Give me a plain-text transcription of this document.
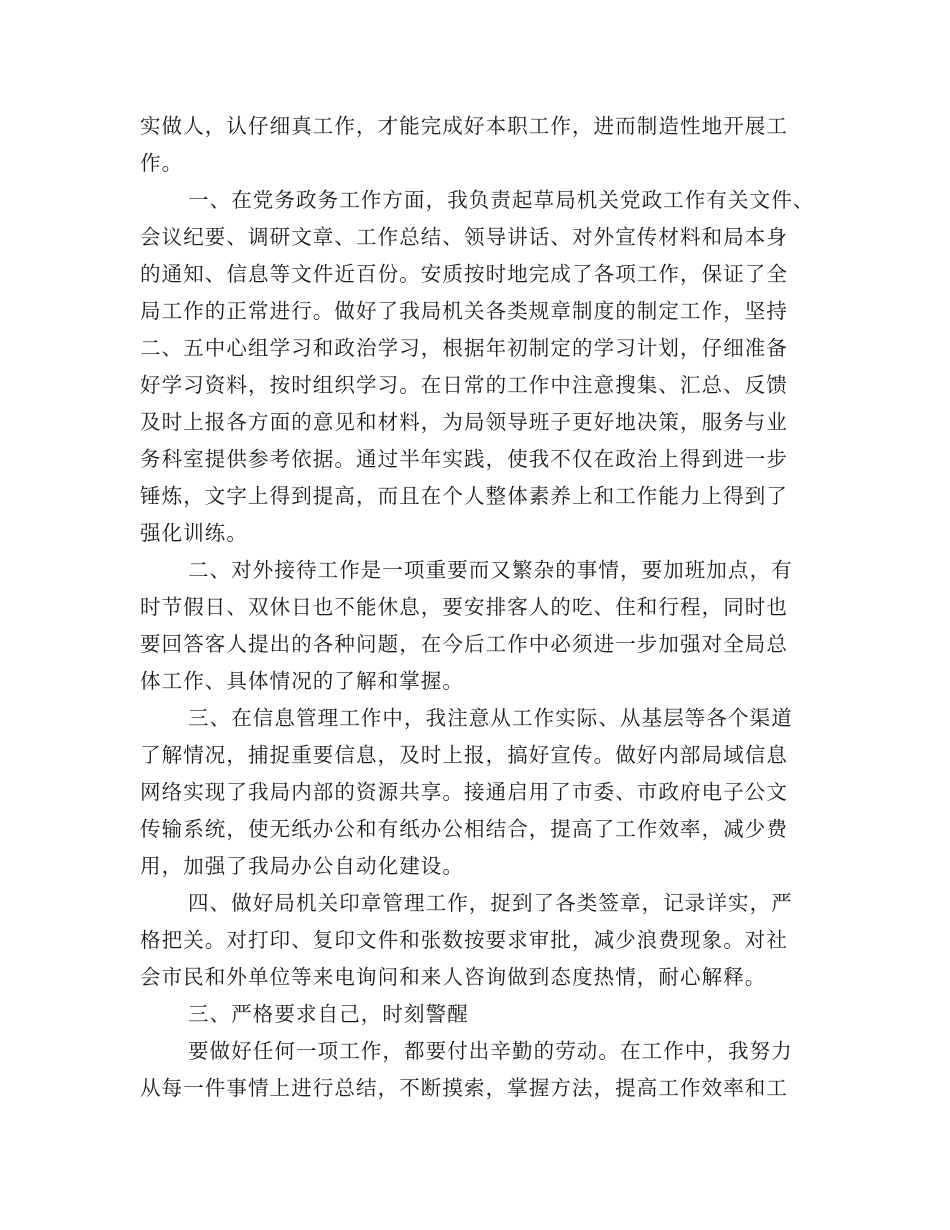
实做人，认仔细真工作，才能完成好本职工作，进而制造性地开展工
作。
一、在党务政务工作方面，我负责起草局机关党政工作有关文件、
会议纪要、调研文章、工作总结、领导讲话、对外宣传材料和局本身
的通知、信息等文件近百份。安质按时地完成了各项工作，保证了全
局工作的正常进行。做好了我局机关各类规章制度的制定工作，坚持
二、五中心组学习和政治学习，根据年初制定的学习计划，仔细准备
好学习资料，按时组织学习。在日常的工作中注意搜集、汇总、反馈
及时上报各方面的意见和材料，为局领导班子更好地决策，服务与业
务科室提供参考依据。通过半年实践，使我不仅在政治上得到进一步
锤炼，文字上得到提高，而且在个人整体素养上和工作能力上得到了
强化训练。
二、对外接待工作是一项重要而又繁杂的事情，要加班加点，有
时节假日、双休日也不能休息，要安排客人的吃、住和行程，同时也
要回答客人提出的各种问题，在今后工作中必须进一步加强对全局总
体工作、具体情况的了解和掌握。
三、在信息管理工作中，我注意从工作实际、从基层等各个渠道
了解情况，捕捉重要信息，及时上报，搞好宣传。做好内部局域信息
网络实现了我局内部的资源共享。接通启用了市委、市政府电子公文
传输系统，使无纸办公和有纸办公相结合，提高了工作效率，减少费
用，加强了我局办公自动化建设。
四、做好局机关印章管理工作，捉到了各类签章，记录详实，严
格把关。对打印、复印文件和张数按要求审批，减少浪费现象。对社
会市民和外单位等来电询问和来人咨询做到态度热情，耐心解释。
三、严格要求自己，时刻警醒
要做好任何一项工作，都要付出辛勤的劳动。在工作中，我努力
从每一件事情上进行总结，不断摸索，掌握方法，提高工作效率和工
